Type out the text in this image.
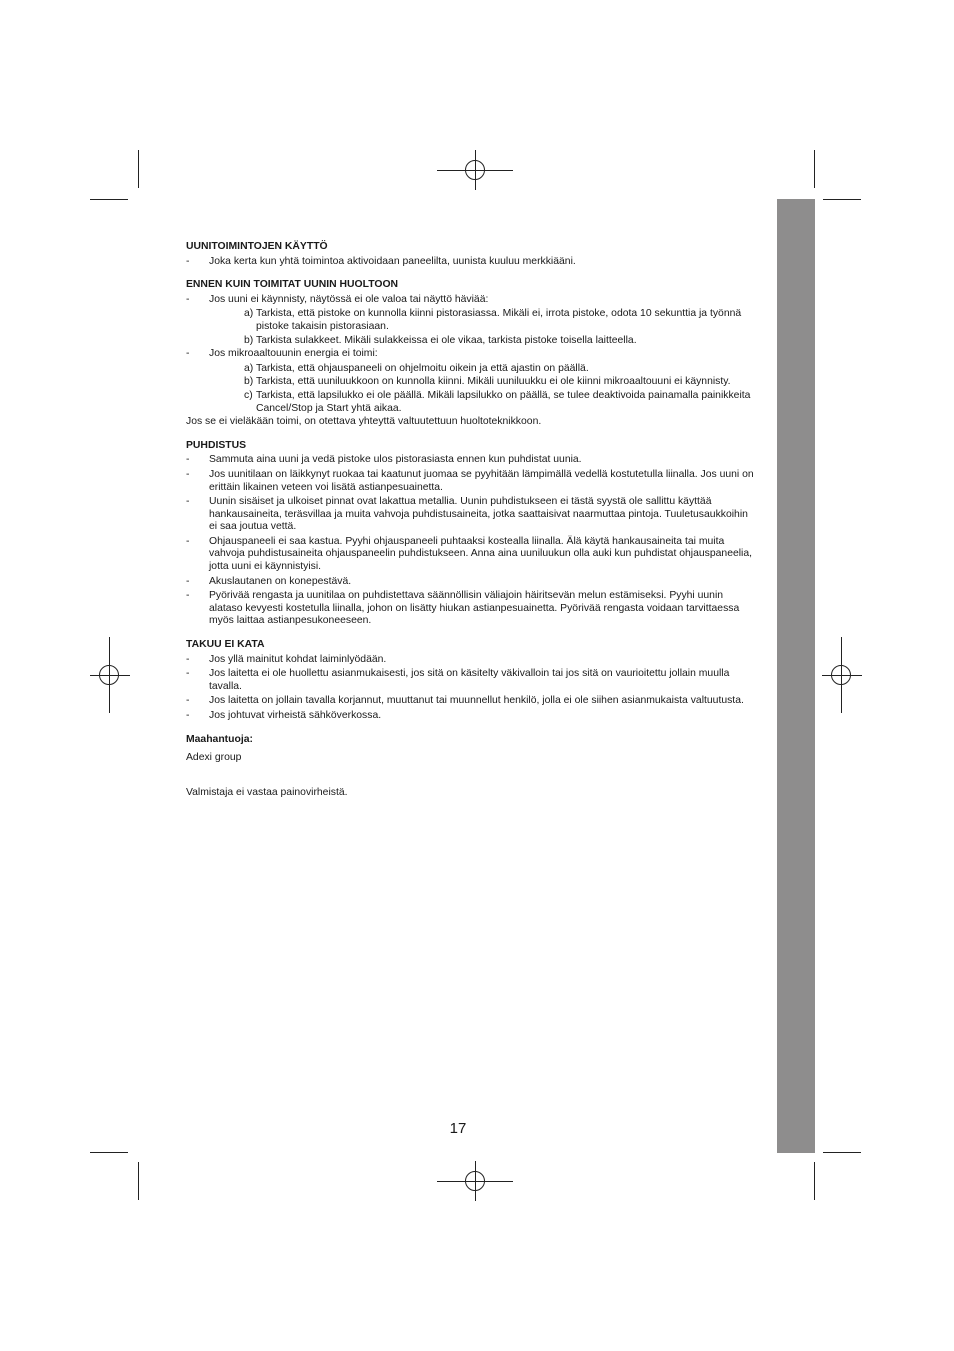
UUNITOIMINTOJEN KÄYTTÖ
-	Joka kerta kun yhtä toimintoa aktivoidaan paneelilta, uunista kuuluu merkkiääni.
ENNEN KUIN TOIMITAT UUNIN HUOLTOON
-	Jos uuni ei käynnisty, näytössä ei ole valoa tai näyttö häviää:
a) Tarkista, että pistoke on kunnolla kiinni pistorasiassa. Mikäli ei, irrota pistoke, odota 10 sekunttia ja työnnä pistoke takaisin pistorasiaan.
b) Tarkista sulakkeet. Mikäli sulakkeissa ei ole vikaa, tarkista pistoke toisella laitteella.
-	Jos mikroaaltouunin energia ei toimi:
a) Tarkista, että ohjauspaneeli on ohjelmoitu oikein ja että ajastin on päällä.
b) Tarkista, että uuniluukkoon on kunnolla kiinni. Mikäli uuniluukku ei ole kiinni mikroaaltouuni ei käynnisty.
c) Tarkista, että lapsilukko ei ole päällä. Mikäli lapsilukko on päällä, se tulee deaktivoida painamalla painikkeita Cancel/Stop ja Start yhtä aikaa.
Jos se ei vieläkään toimi, on otettava yhteyttä valtuutettuun huoltoteknikkoon.
PUHDISTUS
-	Sammuta aina uuni ja vedä pistoke ulos pistorasiasta ennen kun puhdistat uunia.
-	Jos uunitilaan on läikkynyt ruokaa tai kaatunut juomaa se pyyhitään lämpimällä vedellä kostutetulla liinalla. Jos uuni on erittäin likainen veteen voi lisätä astianpesuainetta.
-	Uunin sisäiset ja ulkoiset pinnat ovat lakattua metallia. Uunin puhdistukseen ei tästä syystä ole sallittu käyttää hankausaineita, teräsvillaa ja muita vahvoja puhdistusaineita, jotka saattaisivat naarmuttaa pintoja. Tuuletusaukkoihin ei saa joutua vettä.
-	Ohjauspaneeli ei saa kastua. Pyyhi ohjauspaneeli puhtaaksi kostealla liinalla. Älä käytä hankausaineita tai muita vahvoja puhdistusaineita ohjauspaneelin puhdistukseen. Anna aina uuniluukun olla auki kun puhdistat ohjauspaneelia, jotta uuni ei käynnistyisi.
-	Akuslautanen on konepestävä.
-	Pyörivää rengasta ja uunitilaa on puhdistettava säännöllisin väliajoin häiritsevän melun estämiseksi. Pyyhi uunin alataso kevyesti kostetulla liinalla, johon on lisätty hiukan astianpesuainetta. Pyörivää rengasta voidaan tarvittaessa myös laittaa astianpesukoneeseen.
TAKUU EI KATA
-	Jos yllä mainitut kohdat laiminlyödään.
-	Jos laitetta ei ole huollettu asianmukaisesti, jos sitä on käsitelty väkivalloin tai jos sitä on vaurioitettu jollain muulla tavalla.
-	Jos laitetta on jollain tavalla korjannut, muuttanut tai muunnellut henkilö, jolla ei ole siihen asianmukaista valtuutusta.
-	Jos johtuvat virheistä sähköverkossa.
Maahantuoja:
Adexi group
Valmistaja ei vastaa painovirheistä.
17
